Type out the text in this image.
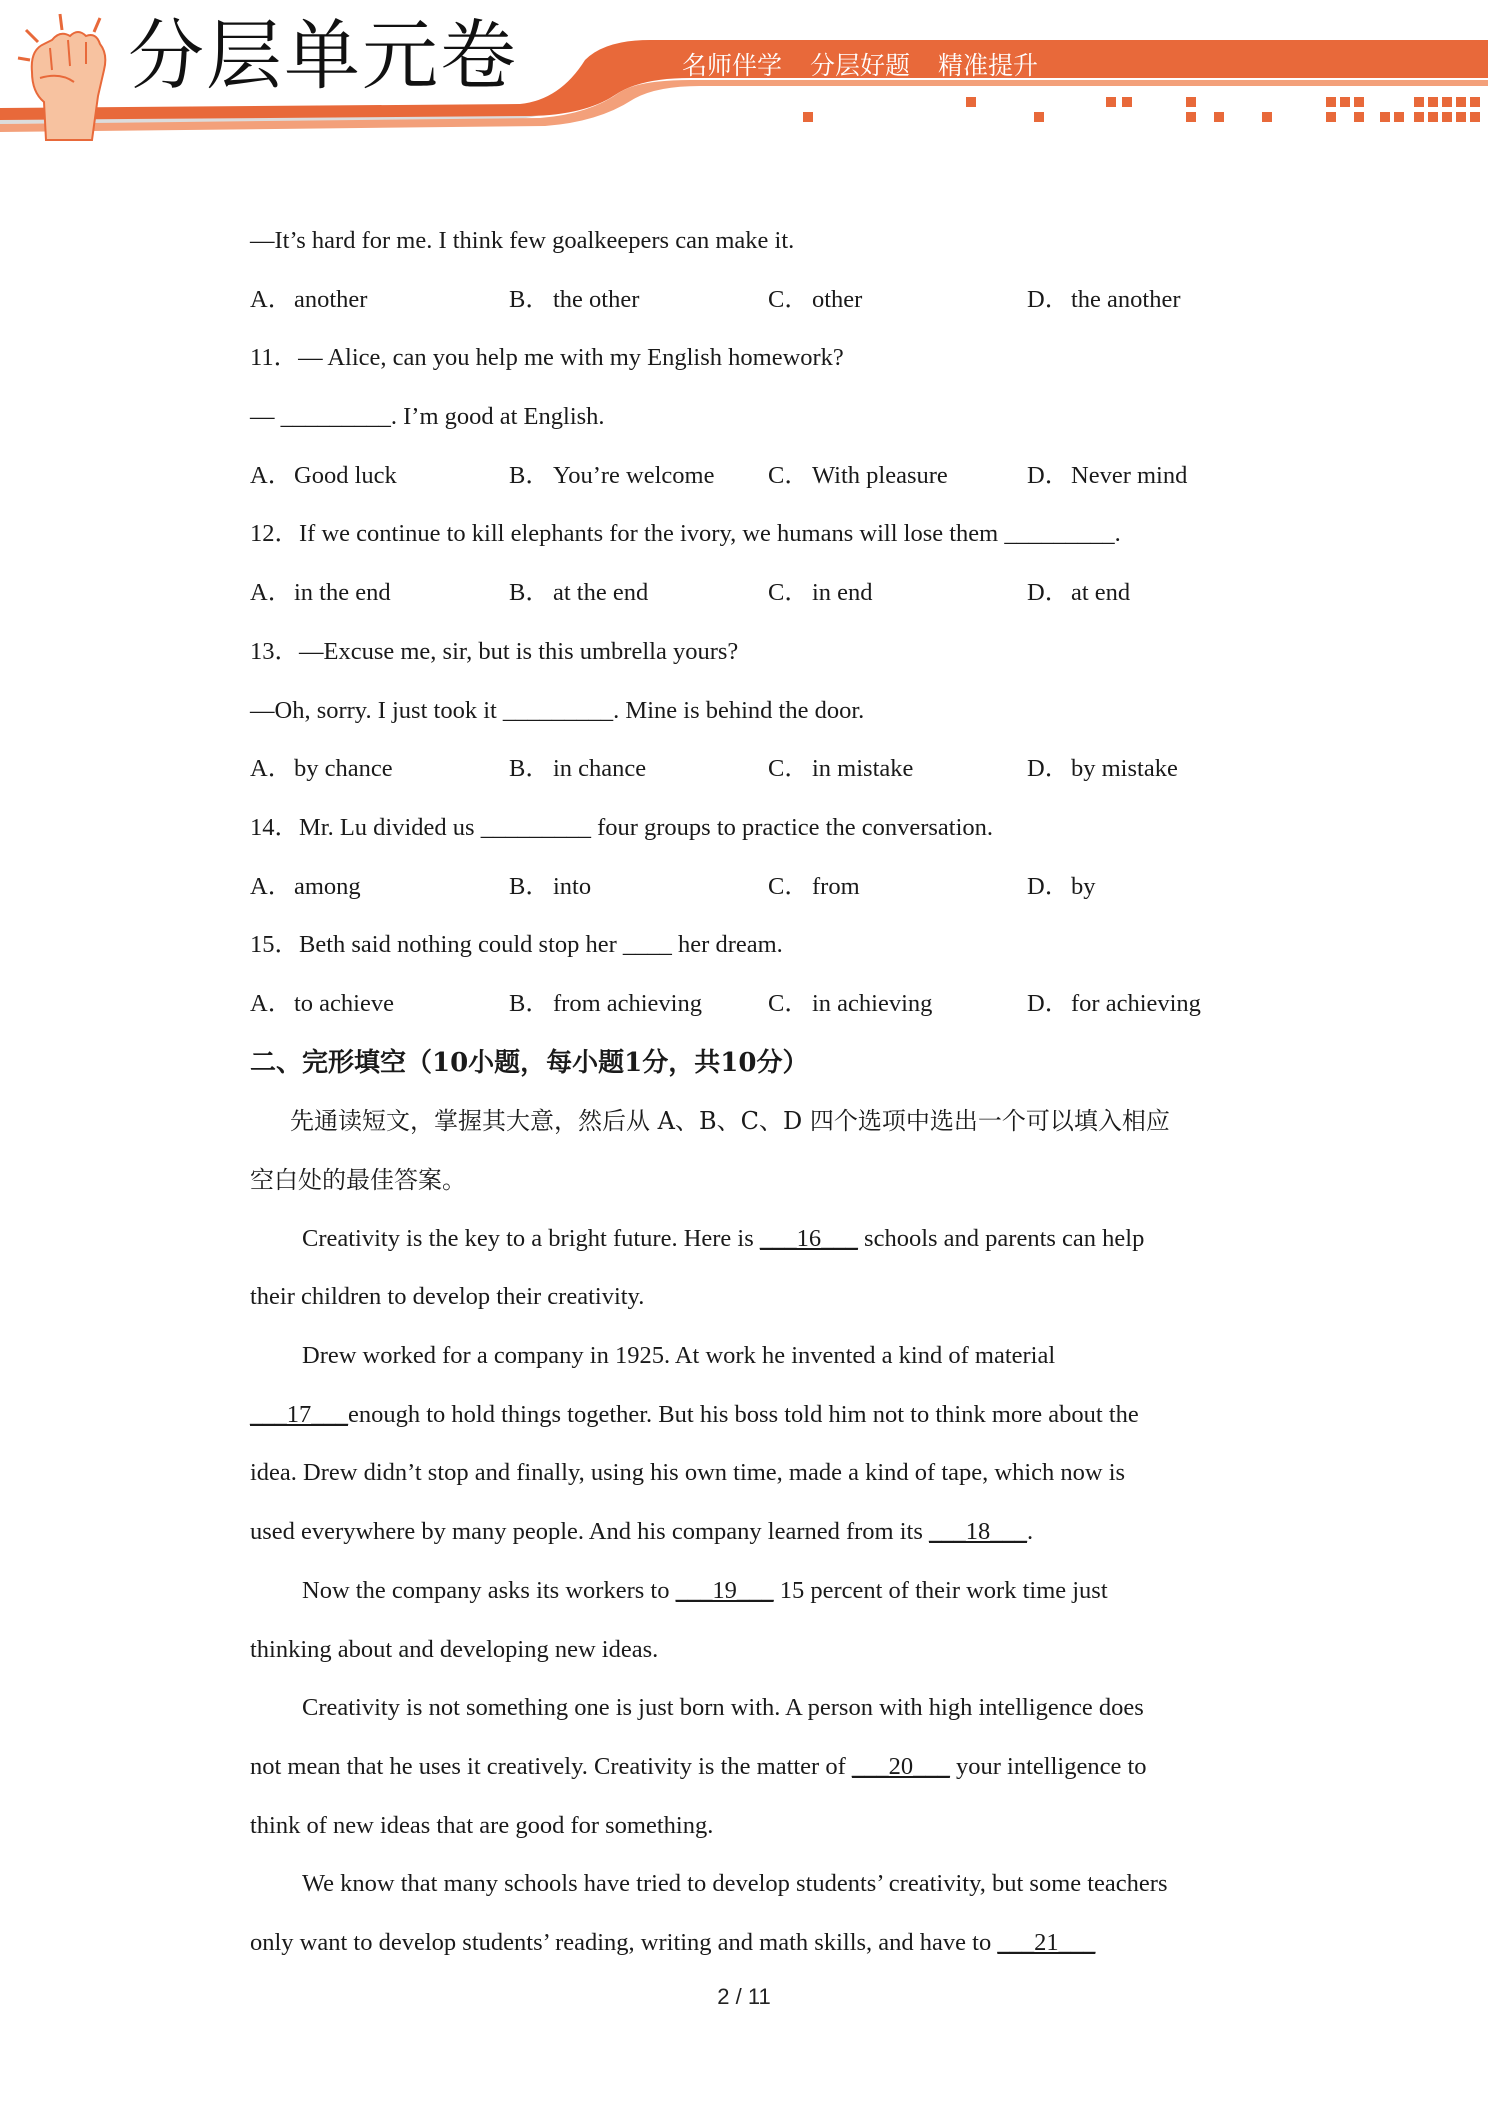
分层单元卷	名师伴学 分层好题 精准提升
—It’s hard for me. I think few goalkeepers can make it.
A．another	B． the other	C． other	D．the another
11．— Alice, can you help me with my English homework?
— _________. I’m good at English.
A．Good luck	B． You’re welcome	C． With pleasure	D．Never mind
12．If we continue to kill elephants for the ivory, we humans will lose them _________.
A．in the end	B． at the end	C． in end	D．at end
13．—Excuse me, sir, but is this umbrella yours?
—Oh, sorry. I just took it _________. Mine is behind the door.
A．by chance	B． in chance	C． in mistake	D．by mistake
14．Mr. Lu divided us _________ four groups to practice the conversation.
A．among	B． into	C． from	D．by
15．Beth said nothing could stop her ____ her dream.
A．to achieve	B． from achieving	C． in achieving	D．for achieving
二、完形填空（10小题，每小题1分，共10分）
先通读短文，掌握其大意，然后从 A、B、C、D 四个选项中选出一个可以填入相应
空白处的最佳答案。
Creativity is the key to a bright future. Here is ___16___ schools and parents can help
their children to develop their creativity.
Drew worked for a company in 1925. At work he invented a kind of material
___17___enough to hold things together. But his boss told him not to think more about the
idea. Drew didn’t stop and finally, using his own time, made a kind of tape, which now is
used everywhere by many people. And his company learned from its ___18___.
Now the company asks its workers to ___19___ 15 percent of their work time just
thinking about and developing new ideas.
Creativity is not something one is just born with. A person with high intelligence does
not mean that he uses it creatively. Creativity is the matter of ___20___ your intelligence to
think of new ideas that are good for something.
We know that many schools have tried to develop students’ creativity, but some teachers
only want to develop students’ reading, writing and math skills, and have to ___21___
2 / 11
